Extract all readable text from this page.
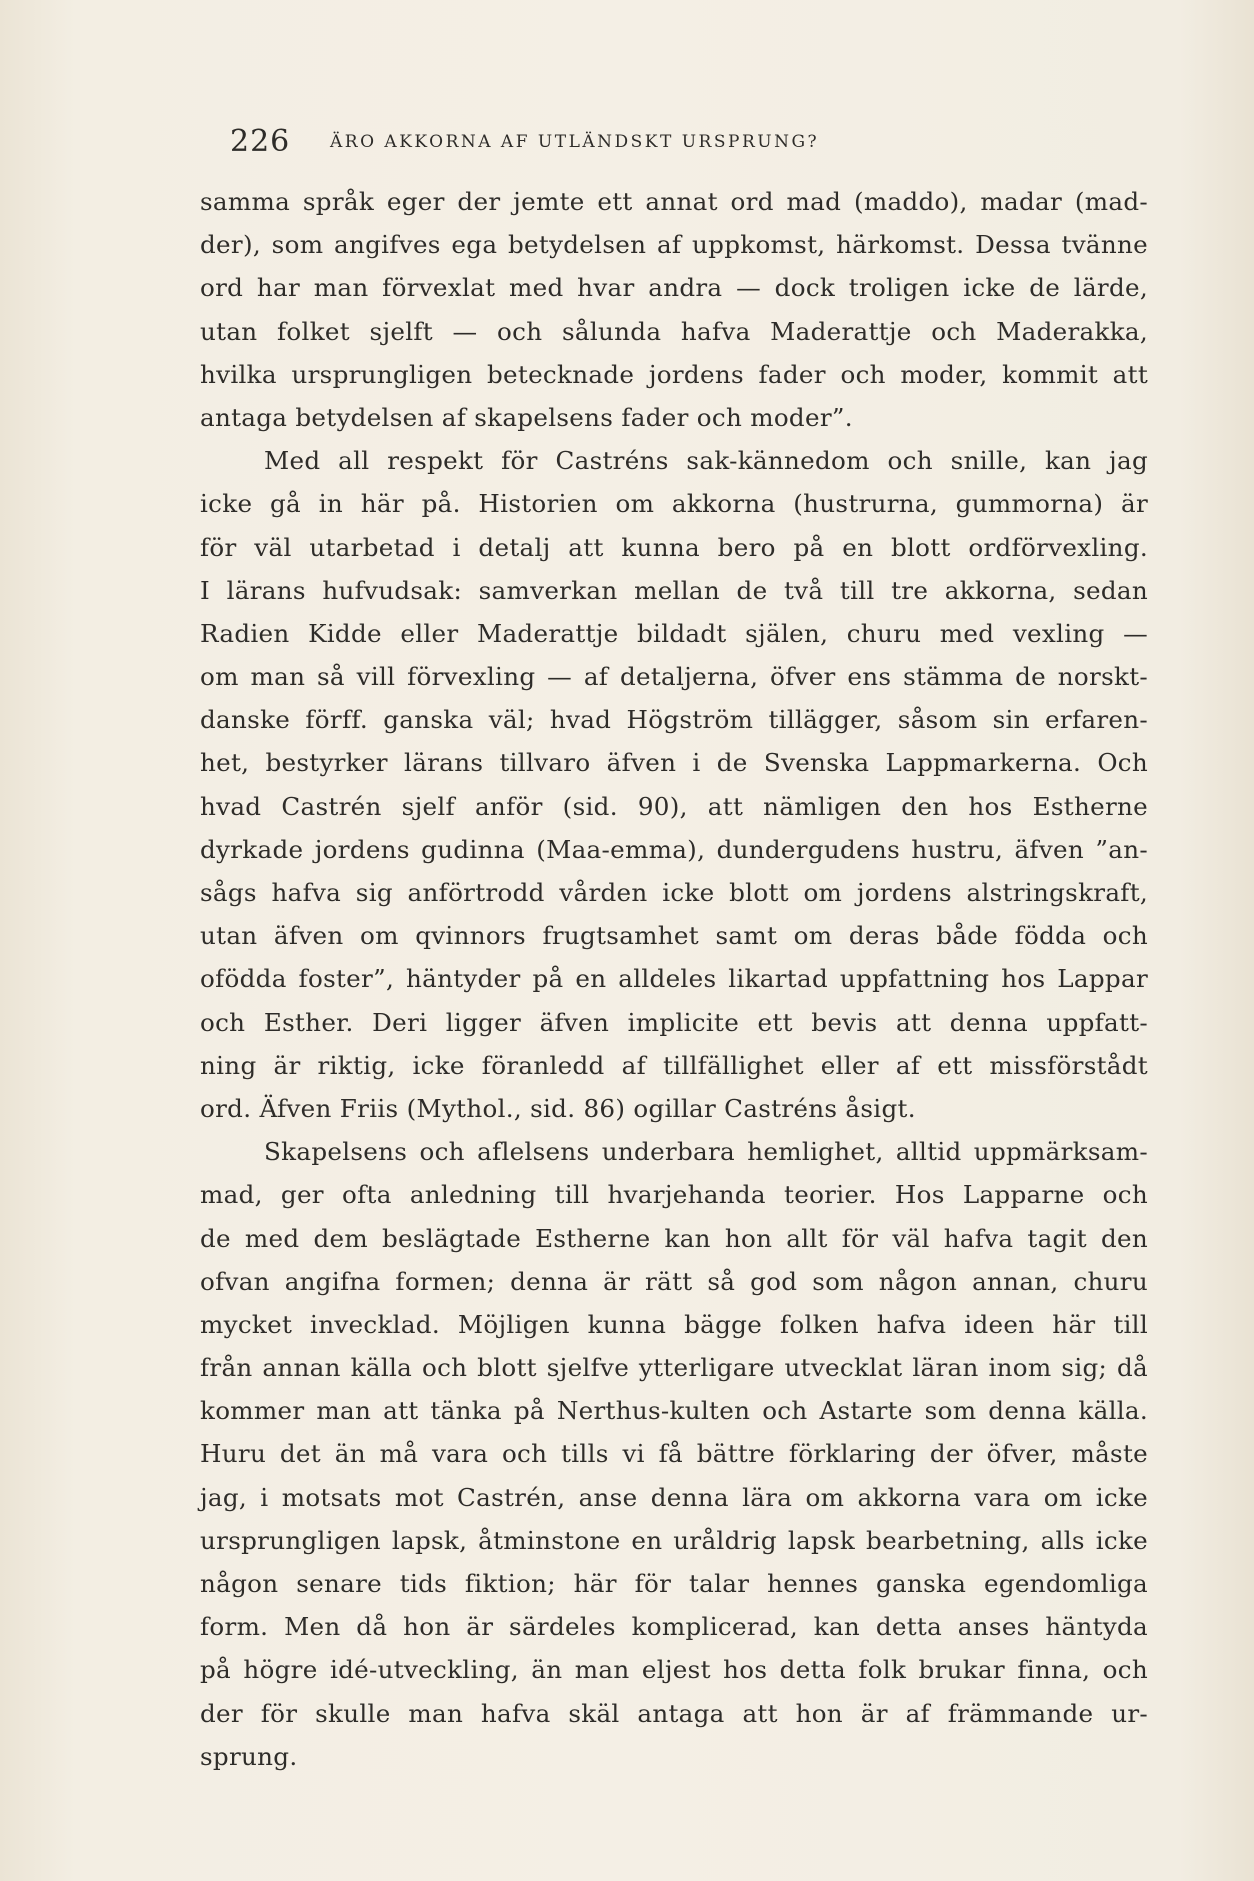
226 ÄRO AKKORNA AF UTLÄNDSKT URSPRUNG?
samma språk eger der jemte ett annat ord mad (maddo), madar (mad-
der), som angifves ega betydelsen af uppkomst, härkomst. Dessa tvänne
ord har man förvexlat med hvar andra — dock troligen icke de lärde,
utan folket sjelft — och sålunda hafva Maderattje och Maderakka,
hvilka ursprungligen betecknade jordens fader och moder, kommit att
antaga betydelsen af skapelsens fader och moder”.
Med all respekt för Castréns sak-kännedom och snille, kan jag
icke gå in här på. Historien om akkorna (hustrurna, gummorna) är
för väl utarbetad i detalj att kunna bero på en blott ordförvexling.
I lärans hufvudsak: samverkan mellan de två till tre akkorna, sedan
Radien Kidde eller Maderattje bildadt själen, churu med vexling —
om man så vill förvexling — af detaljerna, öfver ens stämma de norskt-
danske förff. ganska väl; hvad Högström tillägger, såsom sin erfaren-
het, bestyrker lärans tillvaro äfven i de Svenska Lappmarkerna. Och
hvad Castrén sjelf anför (sid. 90), att nämligen den hos Estherne
dyrkade jordens gudinna (Maa-emma), dundergudens hustru, äfven ”an-
sågs hafva sig anförtrodd vården icke blott om jordens alstringskraft,
utan äfven om qvinnors frugtsamhet samt om deras både födda och
ofödda foster”, häntyder på en alldeles likartad uppfattning hos Lappar
och Esther. Deri ligger äfven implicite ett bevis att denna uppfatt-
ning är riktig, icke föranledd af tillfällighet eller af ett missförstådt
ord. Äfven Friis (Mythol., sid. 86) ogillar Castréns åsigt.
Skapelsens och aflelsens underbara hemlighet, alltid uppmärksam-
mad, ger ofta anledning till hvarjehanda teorier. Hos Lapparne och
de med dem beslägtade Estherne kan hon allt för väl hafva tagit den
ofvan angifna formen; denna är rätt så god som någon annan, churu
mycket invecklad. Möjligen kunna bägge folken hafva ideen här till
från annan källa och blott sjelfve ytterligare utvecklat läran inom sig; då
kommer man att tänka på Nerthus-kulten och Astarte som denna källa.
Huru det än må vara och tills vi få bättre förklaring der öfver, måste
jag, i motsats mot Castrén, anse denna lära om akkorna vara om icke
ursprungligen lapsk, åtminstone en uråldrig lapsk bearbetning, alls icke
någon senare tids fiktion; här för talar hennes ganska egendomliga
form. Men då hon är särdeles komplicerad, kan detta anses häntyda
på högre idé-utveckling, än man eljest hos detta folk brukar finna, och
der för skulle man hafva skäl antaga att hon är af främmande ur-
sprung.
